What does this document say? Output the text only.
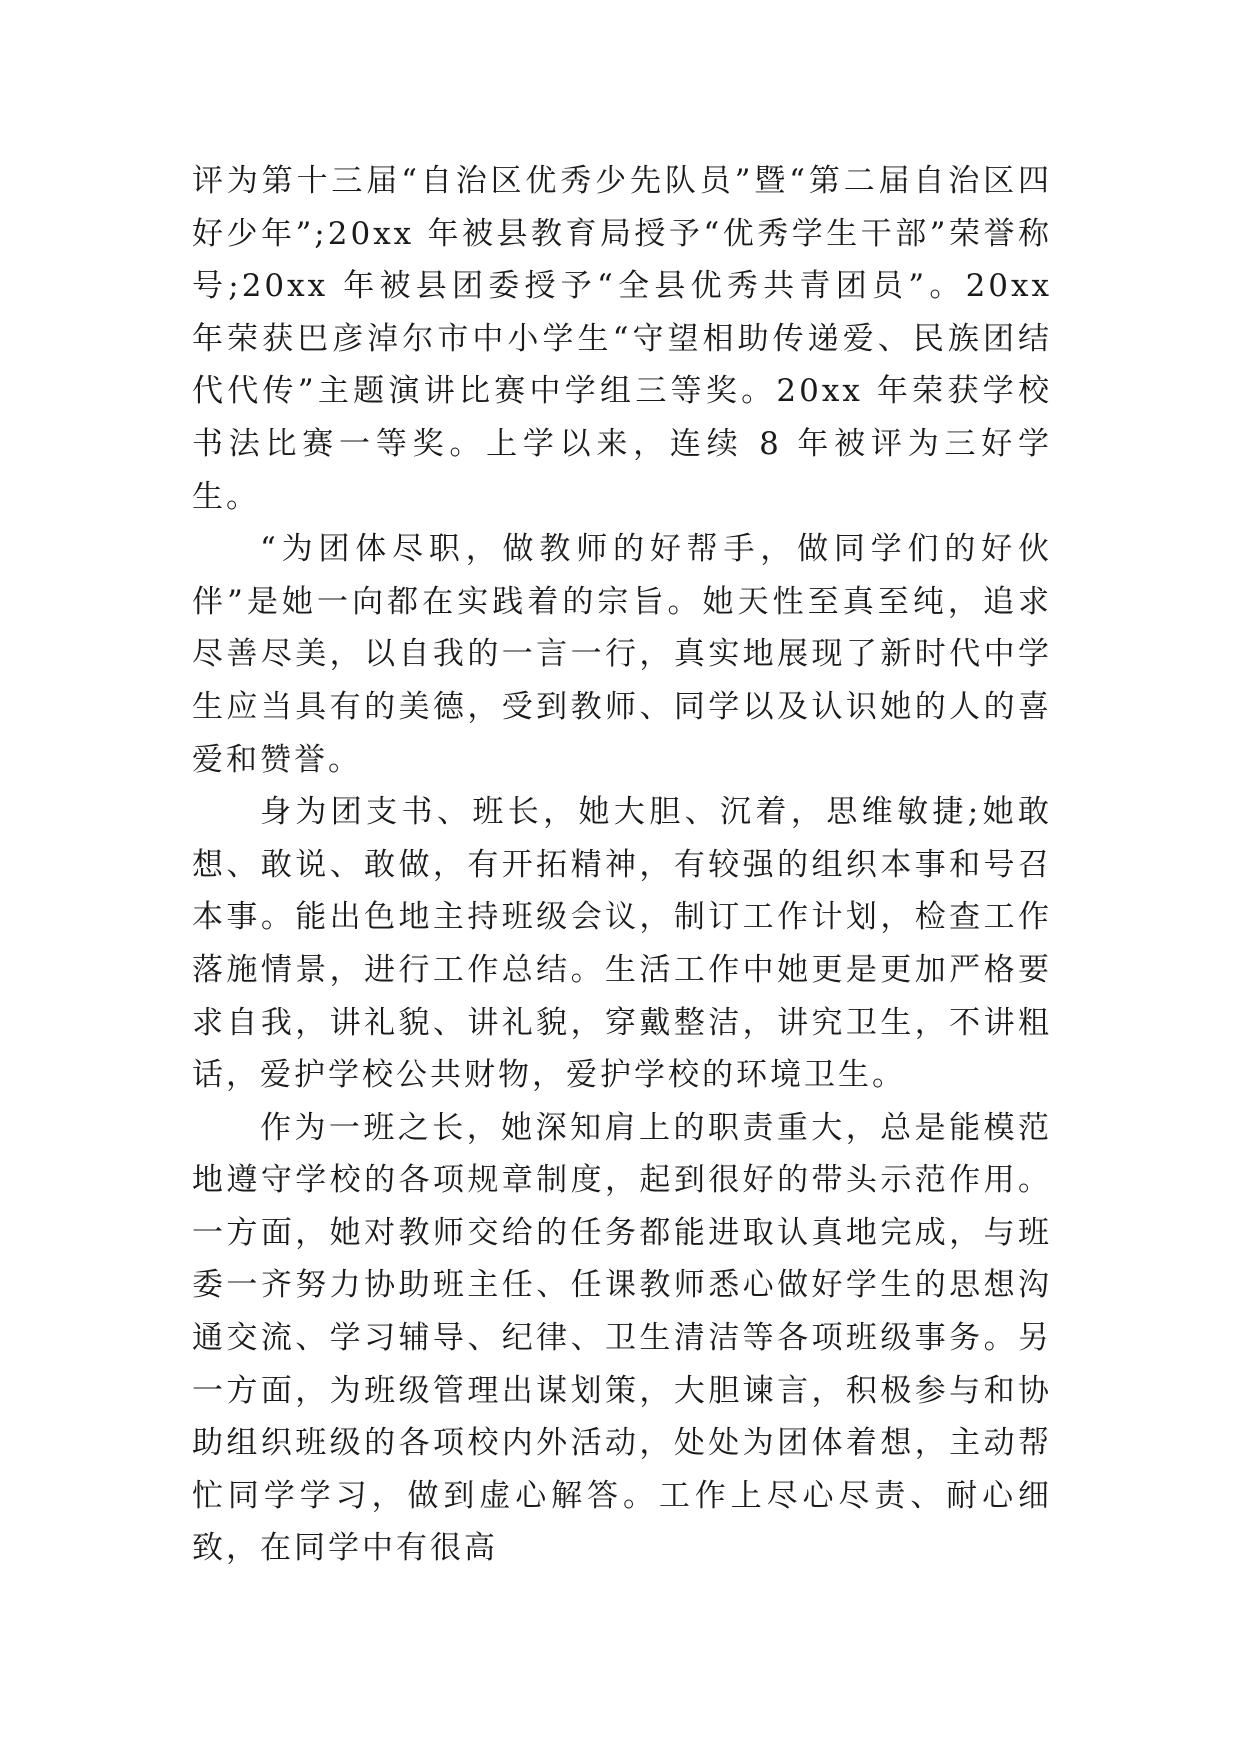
评为第十三届“自治区优秀少先队员”暨“第二届自治区四好少年”;20xx 年被县教育局授予“优秀学生干部”荣誉称号;20xx 年被县团委授予“全县优秀共青团员”。20xx 年荣获巴彦淖尔市中小学生“守望相助传递爱、民族团结代代传”主题演讲比赛中学组三等奖。20xx 年荣获学校书法比赛一等奖。上学以来，连续 8 年被评为三好学生。

“为团体尽职，做教师的好帮手，做同学们的好伙伴”是她一向都在实践着的宗旨。她天性至真至纯，追求尽善尽美，以自我的一言一行，真实地展现了新时代中学生应当具有的美德，受到教师、同学以及认识她的人的喜爱和赞誉。

身为团支书、班长，她大胆、沉着，思维敏捷;她敢想、敢说、敢做，有开拓精神，有较强的组织本事和号召本事。能出色地主持班级会议，制订工作计划，检查工作落施情景，进行工作总结。生活工作中她更是更加严格要求自我，讲礼貌、讲礼貌，穿戴整洁，讲究卫生，不讲粗话，爱护学校公共财物，爱护学校的环境卫生。

作为一班之长，她深知肩上的职责重大，总是能模范地遵守学校的各项规章制度，起到很好的带头示范作用。一方面，她对教师交给的任务都能进取认真地完成，与班委一齐努力协助班主任、任课教师悉心做好学生的思想沟通交流、学习辅导、纪律、卫生清洁等各项班级事务。另一方面，为班级管理出谋划策，大胆谏言，积极参与和协助组织班级的各项校内外活动，处处为团体着想，主动帮忙同学学习，做到虚心解答。工作上尽心尽责、耐心细致，在同学中有很高
